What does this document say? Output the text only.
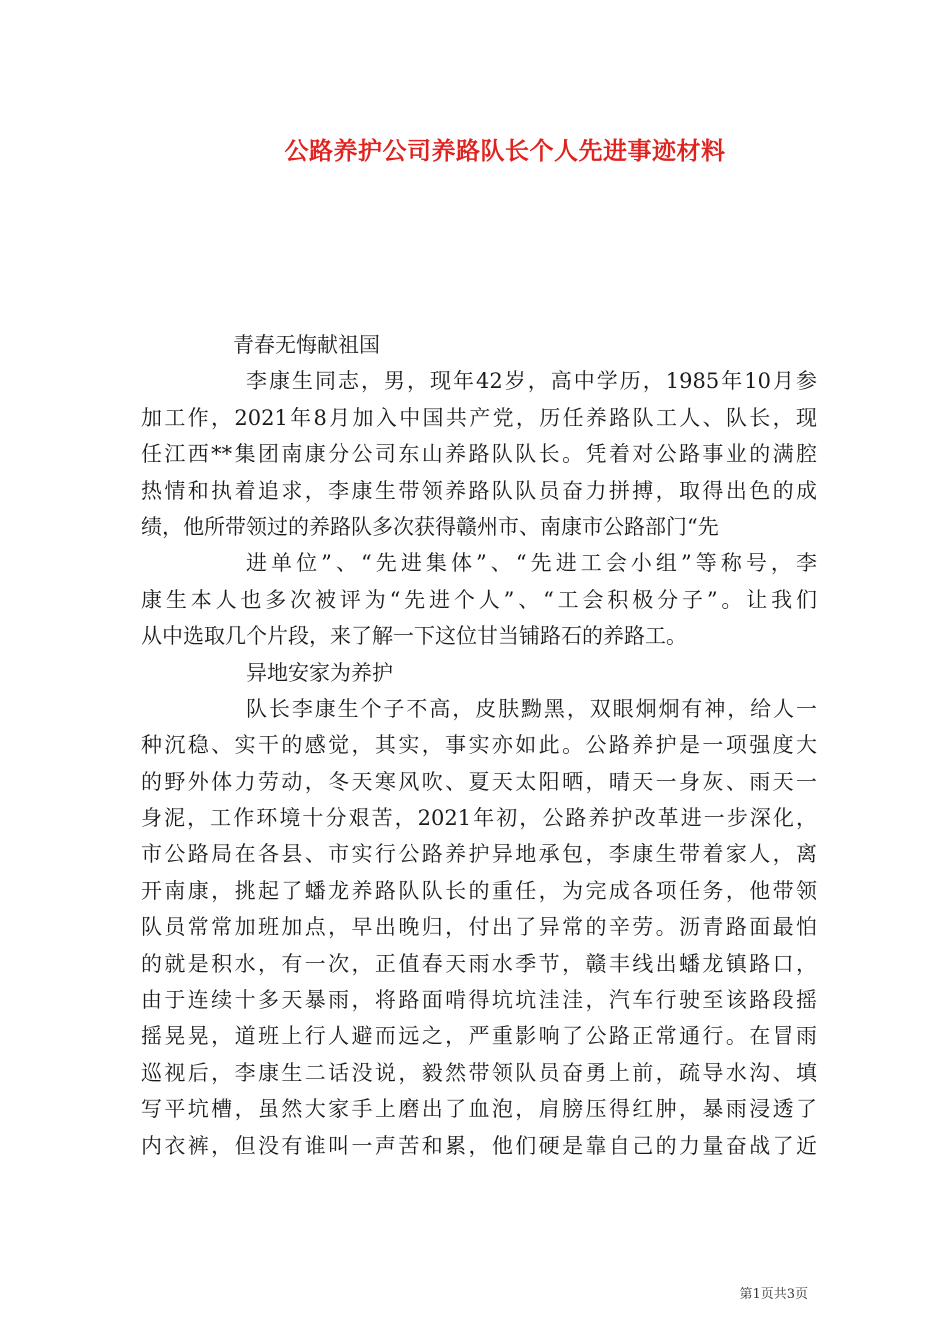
公路养护公司养路队长个人先进事迹材料
青春无悔献祖国
李康生同志，男，现年42岁，高中学历，1985年10月参
加工作，2021年8月加入中国共产党，历任养路队工人、队长，现
任江西**集团南康分公司东山养路队队长。凭着对公路事业的满腔
热情和执着追求，李康生带领养路队队员奋力拼搏，取得出色的成
绩，他所带领过的养路队多次获得赣州市、南康市公路部门“先
进单位”、“先进集体”、“先进工会小组”等称号，李
康生本人也多次被评为“先进个人”、“工会积极分子”。让我们
从中选取几个片段，来了解一下这位甘当铺路石的养路工。
异地安家为养护
队长李康生个子不高，皮肤黝黑，双眼炯炯有神，给人一
种沉稳、实干的感觉，其实，事实亦如此。公路养护是一项强度大
的野外体力劳动，冬天寒风吹、夏天太阳晒，晴天一身灰、雨天一
身泥，工作环境十分艰苦，2021年初，公路养护改革进一步深化，
市公路局在各县、市实行公路养护异地承包，李康生带着家人，离
开南康，挑起了蟠龙养路队队长的重任，为完成各项任务，他带领
队员常常加班加点，早出晚归，付出了异常的辛劳。沥青路面最怕
的就是积水，有一次，正值春天雨水季节，赣丰线出蟠龙镇路口，
由于连续十多天暴雨，将路面啃得坑坑洼洼，汽车行驶至该路段摇
摇晃晃，道班上行人避而远之，严重影响了公路正常通行。在冒雨
巡视后，李康生二话没说，毅然带领队员奋勇上前，疏导水沟、填
写平坑槽，虽然大家手上磨出了血泡，肩膀压得红肿，暴雨浸透了
内衣裤，但没有谁叫一声苦和累，他们硬是靠自己的力量奋战了近
第1页共3页
